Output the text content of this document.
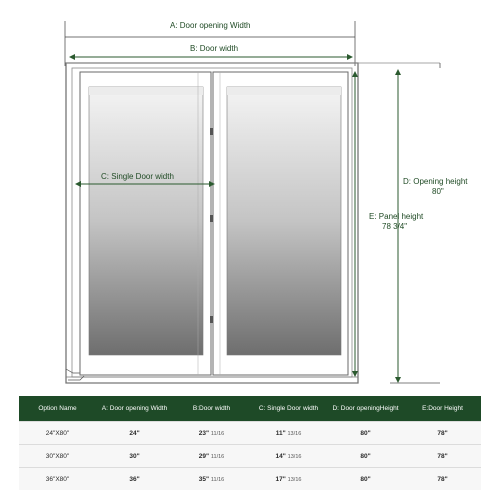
A: Door opening Width
B: Door width
C: Single Door width
D: Opening height
80"
E: Panel height
78 3/4"
Option Name	A: Door opening Width	B:Door width	C: Single Door width	D: Door openingHeight	E:Door Height
24"X80"	24"	23" 11/16	11" 13/16	80"	78"
30"X80"	30"	29" 11/16	14" 13/16	80"	78"
36"X80"	36"	35" 11/16	17" 13/16	80"	78"
